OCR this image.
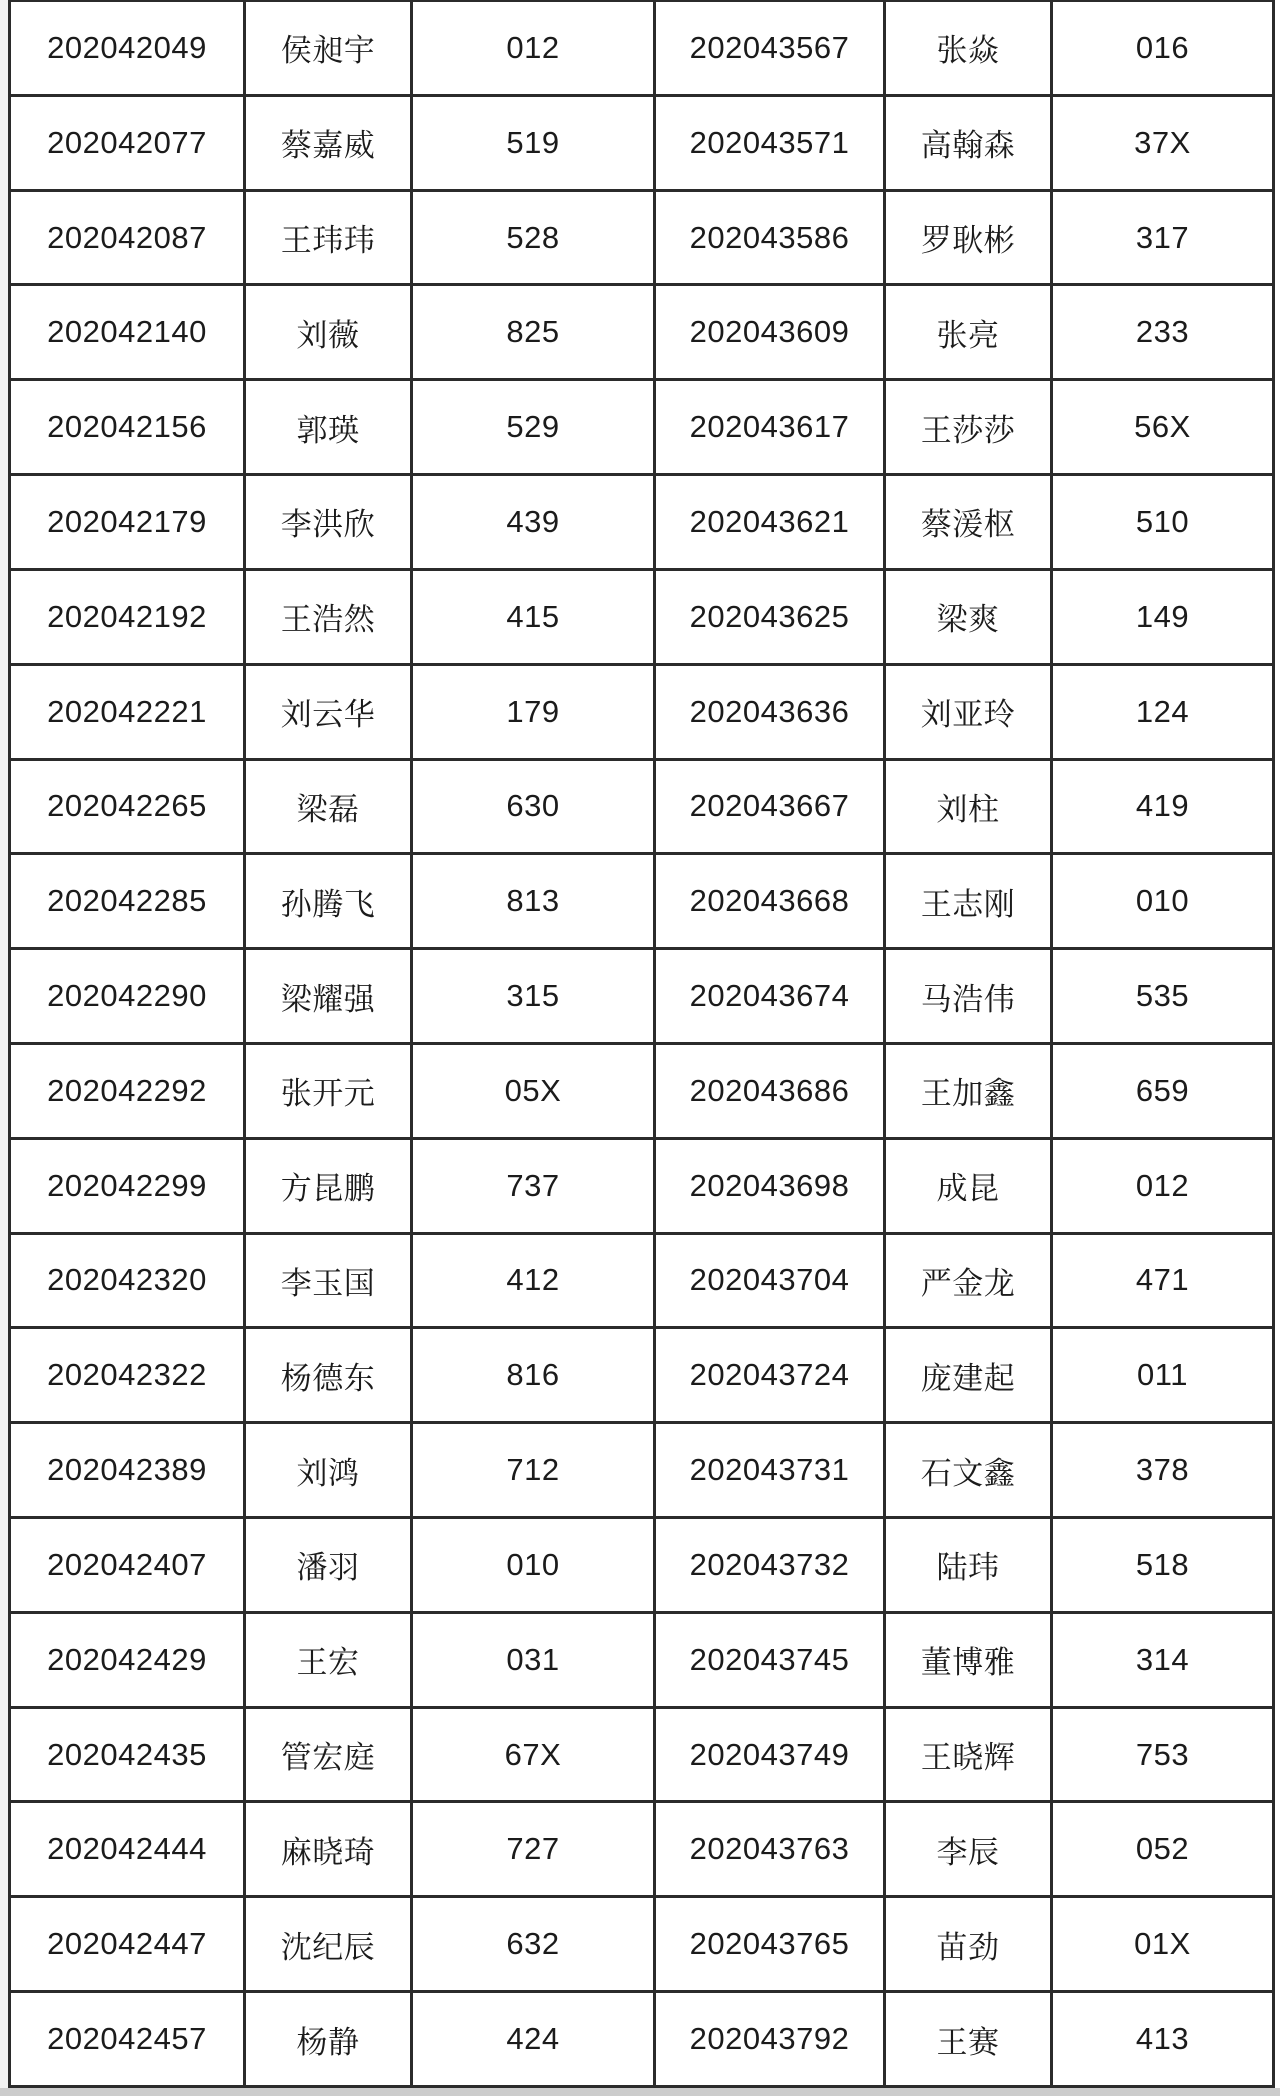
202042049	侯昶宇	012	202043567	张焱	016
202042077	蔡嘉威	519	202043571	高翰森	37X
202042087	王玮玮	528	202043586	罗耿彬	317
202042140	刘薇	825	202043609	张亮	233
202042156	郭瑛	529	202043617	王莎莎	56X
202042179	李洪欣	439	202043621	蔡湲枢	510
202042192	王浩然	415	202043625	梁爽	149
202042221	刘云华	179	202043636	刘亚玲	124
202042265	梁磊	630	202043667	刘柱	419
202042285	孙腾飞	813	202043668	王志刚	010
202042290	梁耀强	315	202043674	马浩伟	535
202042292	张开元	05X	202043686	王加鑫	659
202042299	方昆鹏	737	202043698	成昆	012
202042320	李玉国	412	202043704	严金龙	471
202042322	杨德东	816	202043724	庞建起	011
202042389	刘鸿	712	202043731	石文鑫	378
202042407	潘羽	010	202043732	陆玮	518
202042429	王宏	031	202043745	董博雅	314
202042435	管宏庭	67X	202043749	王晓辉	753
202042444	麻晓琦	727	202043763	李辰	052
202042447	沈纪辰	632	202043765	苗劲	01X
202042457	杨静	424	202043792	王赛	413
